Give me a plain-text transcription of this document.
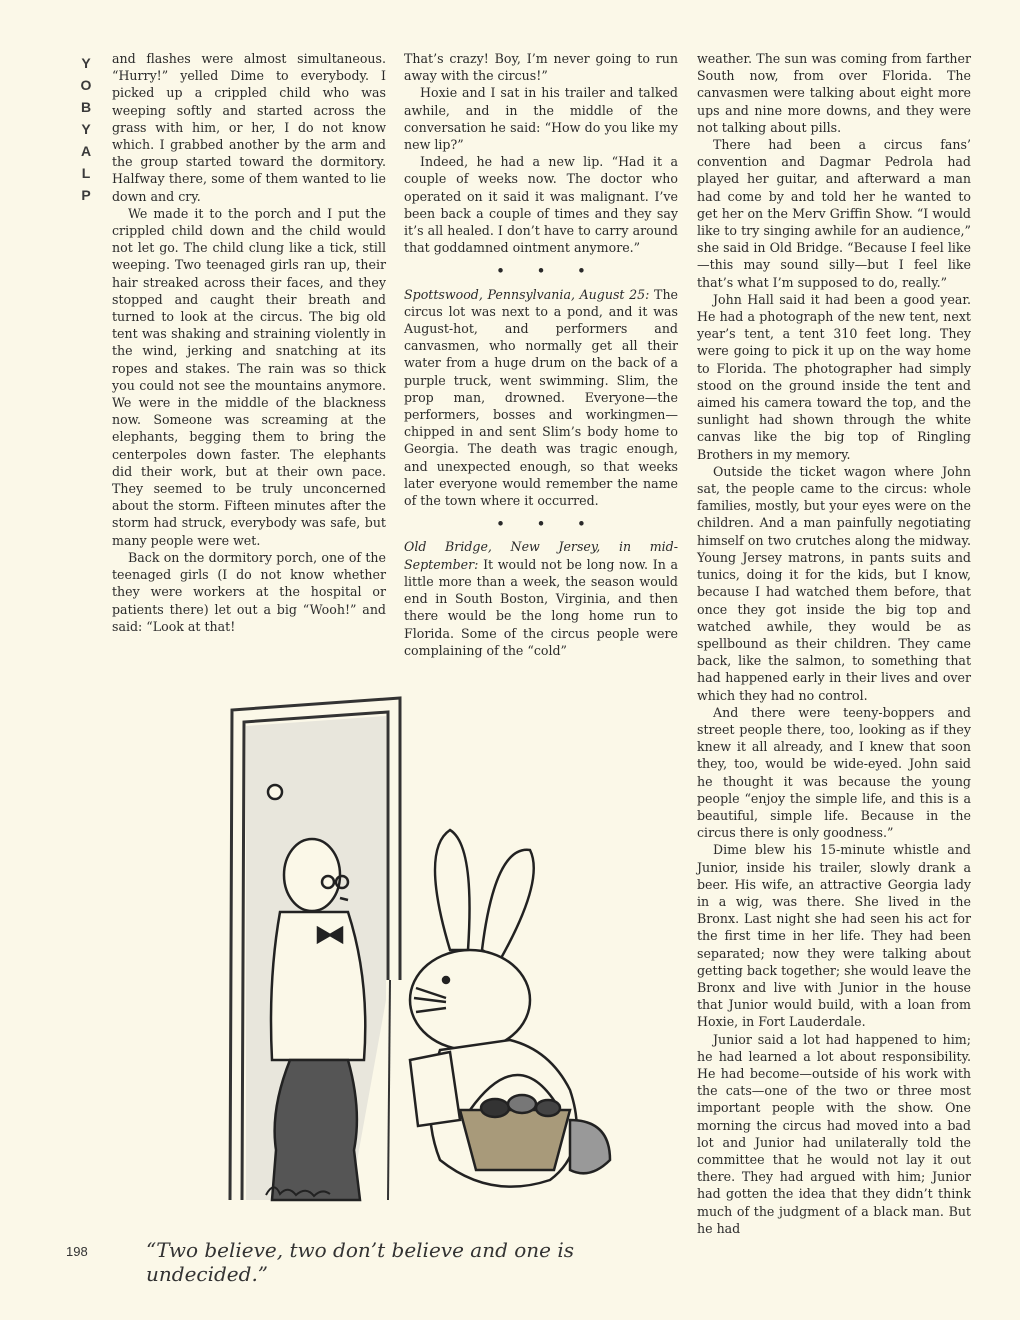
Y
O
B
Y
A
L
P

and flashes were almost simultaneous. “Hurry!” yelled Dime to everybody. I picked up a crippled child who was weeping softly and started across the grass with him, or her, I do not know which. I grabbed another by the arm and the group started toward the dormitory. Halfway there, some of them wanted to lie down and cry.

We made it to the porch and I put the crippled child down and the child would not let go. The child clung like a tick, still weeping. Two teenaged girls ran up, their hair streaked across their faces, and they stopped and caught their breath and turned to look at the circus. The big old tent was shaking and straining violently in the wind, jerking and snatching at its ropes and stakes. The rain was so thick you could not see the mountains anymore. We were in the middle of the blackness now. Someone was screaming at the elephants, begging them to bring the centerpoles down faster. The elephants did their work, but at their own pace. They seemed to be truly unconcerned about the storm. Fifteen minutes after the storm had struck, everybody was safe, but many people were wet.

Back on the dormitory porch, one of the teenaged girls (I do not know whether they were workers at the hospital or patients there) let out a big “Wooh!” and said: “Look at that!

That’s crazy! Boy, I’m never going to run away with the circus!”

Hoxie and I sat in his trailer and talked awhile, and in the middle of the conversation he said: “How do you like my new lip?”

Indeed, he had a new lip. “Had it a couple of weeks now. The doctor who operated on it said it was malignant. I’ve been back a couple of times and they say it’s all healed. I don’t have to carry around that goddamned ointment anymore.”

• • •

Spottswood, Pennsylvania, August 25: The circus lot was next to a pond, and it was August-hot, and performers and canvasmen, who normally get all their water from a huge drum on the back of a purple truck, went swimming. Slim, the prop man, drowned. Everyone—the performers, bosses and workingmen—chipped in and sent Slim’s body home to Georgia. The death was tragic enough, and unexpected enough, so that weeks later everyone would remember the name of the town where it occurred.

• • •

Old Bridge, New Jersey, in mid-September: It would not be long now. In a little more than a week, the season would end in South Boston, Virginia, and then there would be the long home run to Florida. Some of the circus people were complaining of the “cold”

weather. The sun was coming from farther South now, from over Florida. The canvasmen were talking about eight more ups and nine more downs, and they were not talking about pills.

There had been a circus fans’ convention and Dagmar Pedrola had played her guitar, and afterward a man had come by and told her he wanted to get her on the Merv Griffin Show. “I would like to try singing awhile for an audience,” she said in Old Bridge. “Because I feel like—this may sound silly—but I feel like that’s what I’m supposed to do, really.”

John Hall said it had been a good year. He had a photograph of the new tent, next year’s tent, a tent 310 feet long. They were going to pick it up on the way home to Florida. The photographer had simply stood on the ground inside the tent and aimed his camera toward the top, and the sunlight had shown through the white canvas like the big top of Ringling Brothers in my memory.

Outside the ticket wagon where John sat, the people came to the circus: whole families, mostly, but your eyes were on the children. And a man painfully negotiating himself on two crutches along the midway. Young Jersey matrons, in pants suits and tunics, doing it for the kids, but I know, because I had watched them before, that once they got inside the big top and watched awhile, they would be as spellbound as their children. They came back, like the salmon, to something that had happened early in their lives and over which they had no control.

And there were teeny-boppers and street people there, too, looking as if they knew it all already, and I knew that soon they, too, would be wide-eyed. John said he thought it was because the young people “enjoy the simple life, and this is a beautiful, simple life. Because in the circus there is only goodness.”

Dime blew his 15-minute whistle and Junior, inside his trailer, slowly drank a beer. His wife, an attractive Georgia lady in a wig, was there. She lived in the Bronx. Last night she had seen his act for the first time in her life. They had been separated; now they were talking about getting back together; she would leave the Bronx and live with Junior in the house that Junior would build, with a loan from Hoxie, in Fort Lauderdale.

Junior said a lot had happened to him; he had learned a lot about responsibility. He had become—outside of his work with the cats—one of the two or three most important people with the show. One morning the circus had moved into a bad lot and Junior had unilaterally told the committee that he would not lay it out there. They had argued with him; Junior had gotten the idea that they didn’t think much of the judgment of a black man. But he had

198	“Two believe, two don’t believe and one is undecided.”
